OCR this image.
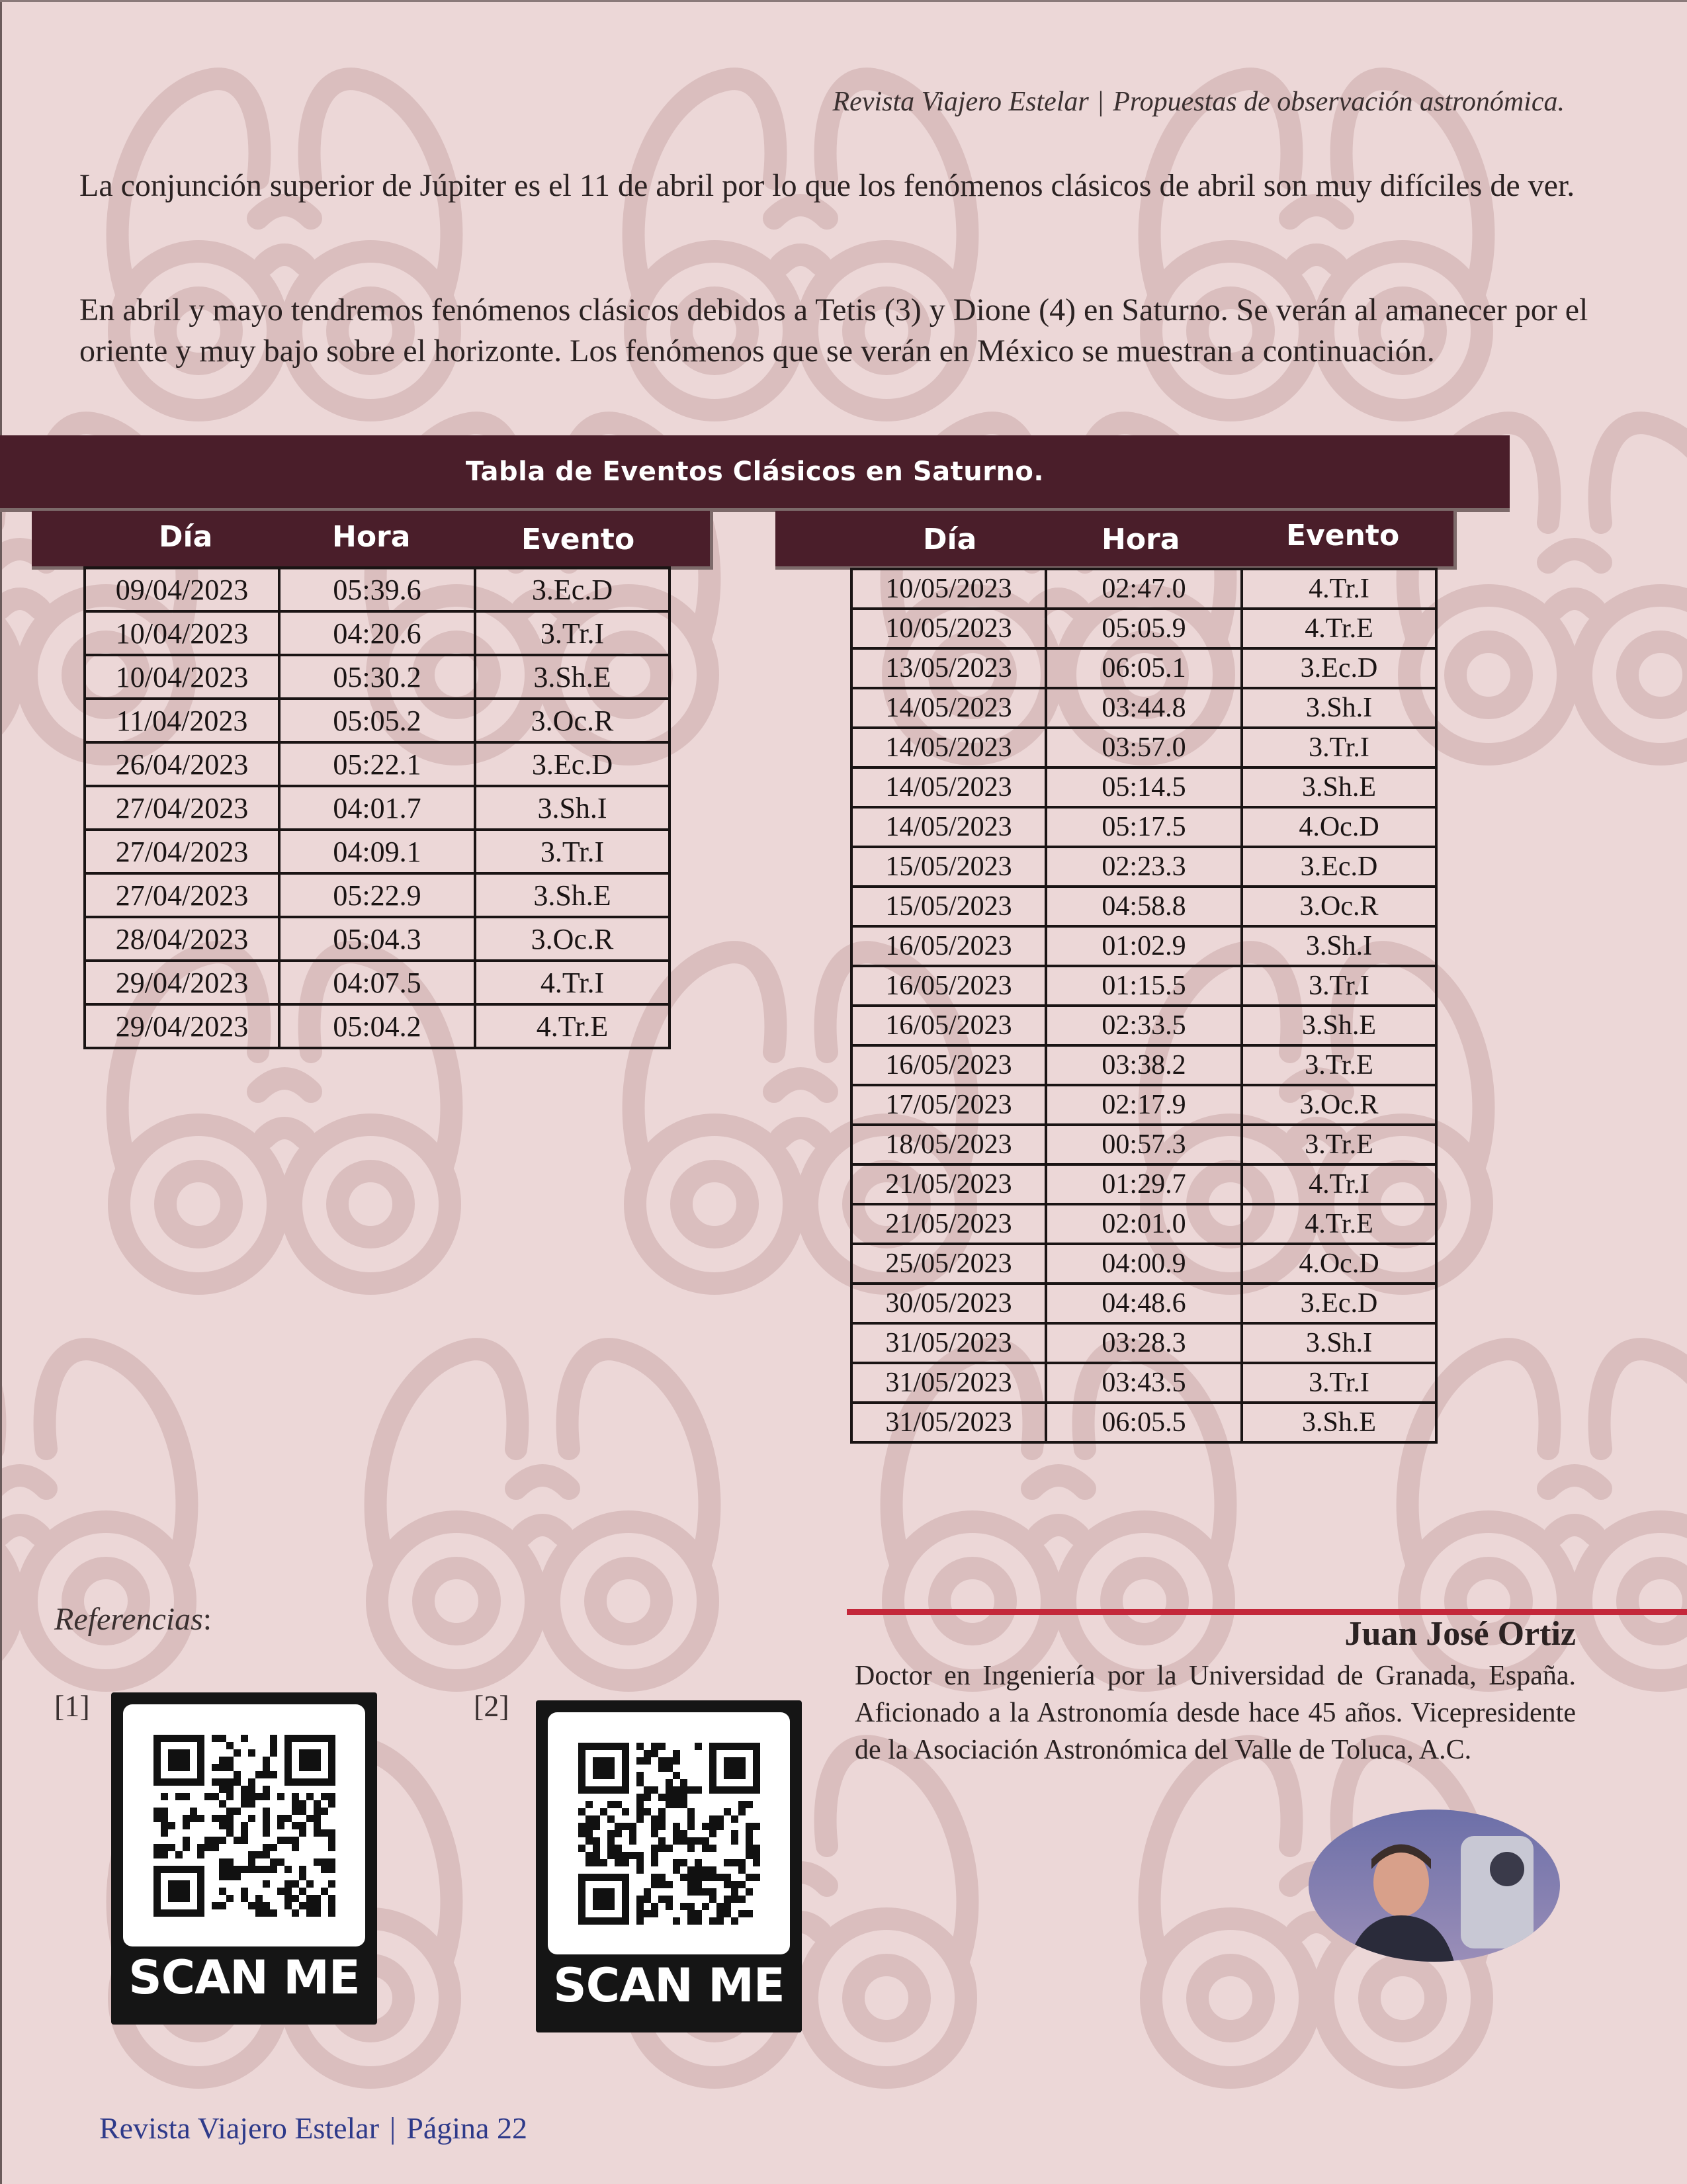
Revista Viajero Estelar | Propuestas de observación astronómica.
La conjunción superior de Júpiter es el 11 de abril por lo que los fenómenos clásicos de abril son muy difíciles de ver.
En abril y mayo tendremos fenómenos clásicos debidos a Tetis (3) y Dione (4) en Saturno. Se verán al amanecer por el oriente y muy bajo sobre el horizonte. Los fenómenos que se verán en México se muestran a continuación.
Tabla de Eventos Clásicos en Saturno.
Día	Hora	Evento	Día	Hora	Evento
09/04/2023	05:39.6	3.Ec.D
10/04/2023	04:20.6	3.Tr.I
10/04/2023	05:30.2	3.Sh.E
11/04/2023	05:05.2	3.Oc.R
26/04/2023	05:22.1	3.Ec.D
27/04/2023	04:01.7	3.Sh.I
27/04/2023	04:09.1	3.Tr.I
27/04/2023	05:22.9	3.Sh.E
28/04/2023	05:04.3	3.Oc.R
29/04/2023	04:07.5	4.Tr.I
29/04/2023	05:04.2	4.Tr.E
10/05/2023	02:47.0	4.Tr.I
10/05/2023	05:05.9	4.Tr.E
13/05/2023	06:05.1	3.Ec.D
14/05/2023	03:44.8	3.Sh.I
14/05/2023	03:57.0	3.Tr.I
14/05/2023	05:14.5	3.Sh.E
14/05/2023	05:17.5	4.Oc.D
15/05/2023	02:23.3	3.Ec.D
15/05/2023	04:58.8	3.Oc.R
16/05/2023	01:02.9	3.Sh.I
16/05/2023	01:15.5	3.Tr.I
16/05/2023	02:33.5	3.Sh.E
16/05/2023	03:38.2	3.Tr.E
17/05/2023	02:17.9	3.Oc.R
18/05/2023	00:57.3	3.Tr.E
21/05/2023	01:29.7	4.Tr.I
21/05/2023	02:01.0	4.Tr.E
25/05/2023	04:00.9	4.Oc.D
30/05/2023	04:48.6	3.Ec.D
31/05/2023	03:28.3	3.Sh.I
31/05/2023	03:43.5	3.Tr.I
31/05/2023	06:05.5	3.Sh.E
Referencias:
[1]	[2]
SCAN ME	SCAN ME
Juan José Ortiz
Doctor en Ingeniería por la Universidad de Granada, España. Aficionado a la Astronomía desde hace 45 años. Vicepresidente de la Asociación Astronómica del Valle de Toluca, A.C.
Revista Viajero Estelar | Página 22
